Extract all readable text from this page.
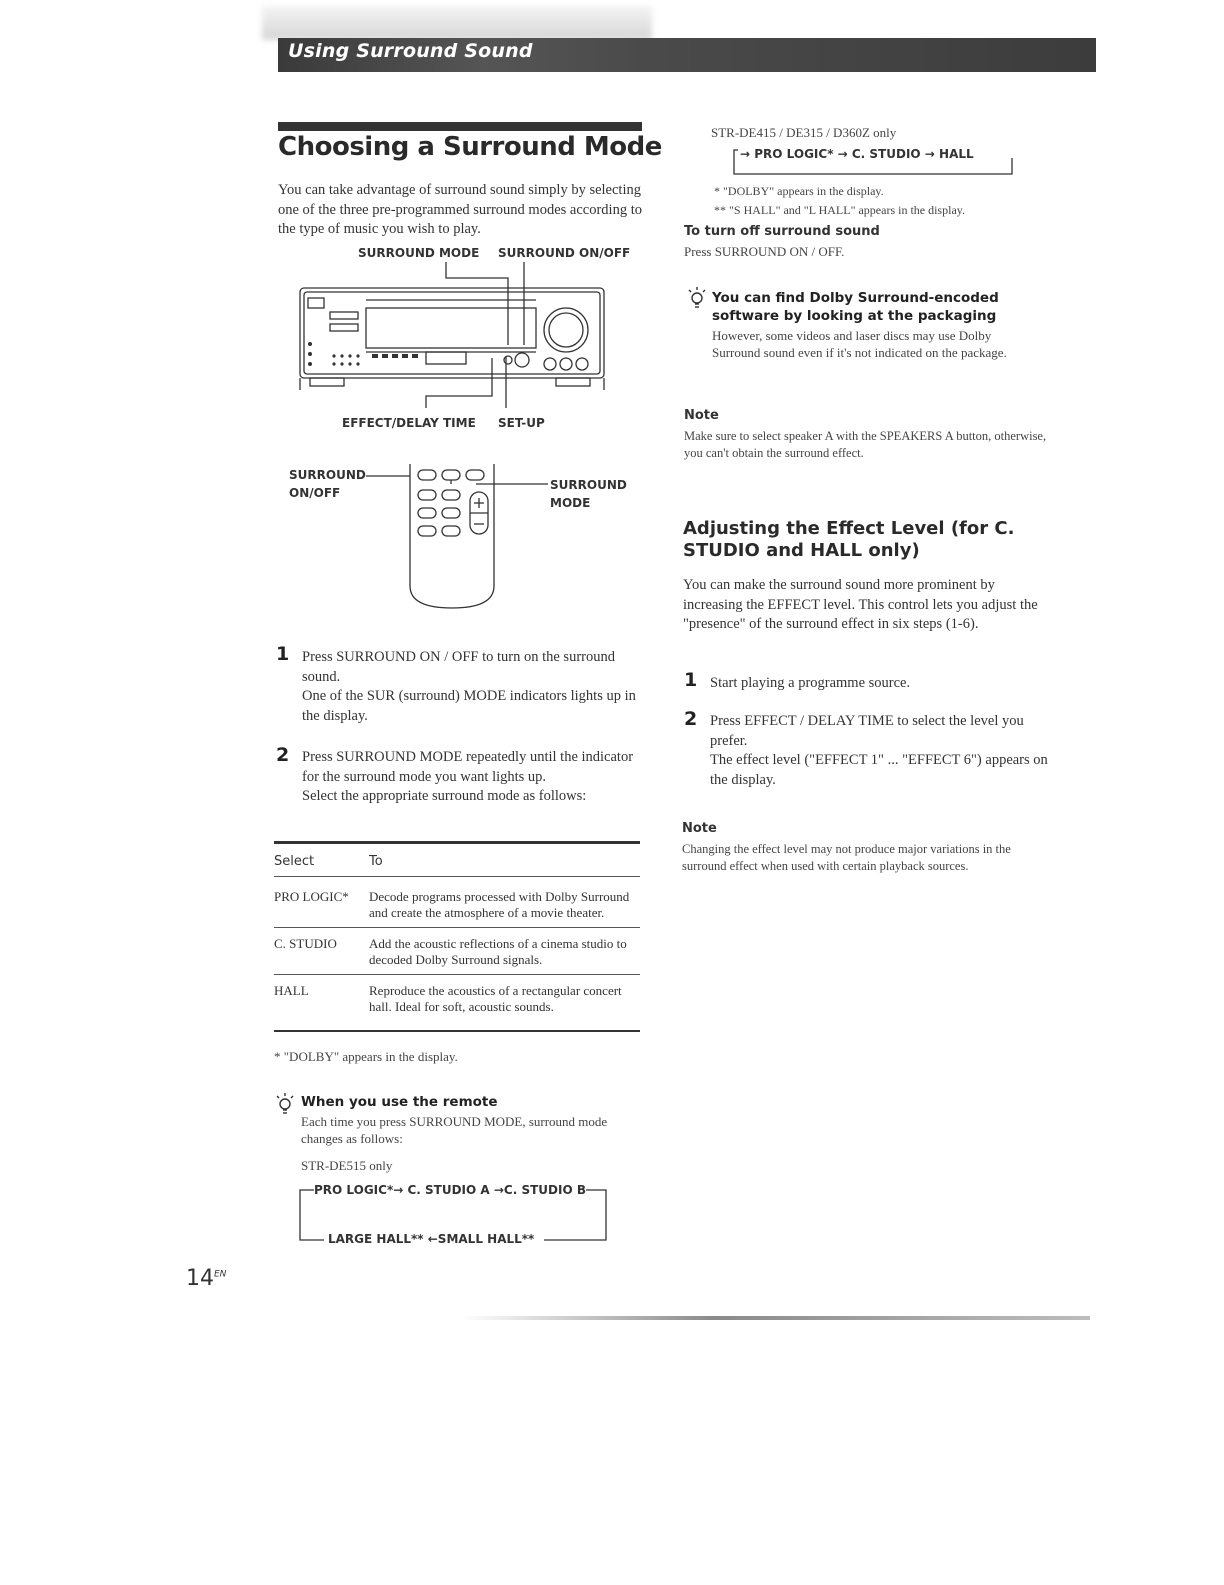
Using Surround Sound
Choosing a Surround Mode
You can take advantage of surround sound simply by selecting one of the three pre-programmed surround modes according to the type of music you wish to play.
SURROUND MODE SURROUND ON/OFF
EFFECT/DELAY TIME SET-UP
SURROUND
ON/OFF
SURROUND
MODE
1 Press SURROUND ON / OFF to turn on the surround sound.
One of the SUR (surround) MODE indicators lights up in the display.
2 Press SURROUND MODE repeatedly until the indicator for the surround mode you want lights up.
Select the appropriate surround mode as follows:
Select	To
PRO LOGIC*	Decode programs processed with Dolby Surround and create the atmosphere of a movie theater.
C. STUDIO	Add the acoustic reflections of a cinema studio to decoded Dolby Surround signals.
HALL	Reproduce the acoustics of a rectangular concert hall. Ideal for soft, acoustic sounds.
* "DOLBY" appears in the display.
When you use the remote
Each time you press SURROUND MODE, surround mode changes as follows:
STR-DE515 only
PRO LOGIC*→ C. STUDIO A →C. STUDIO B
LARGE HALL** ←SMALL HALL**
STR-DE415 / DE315 / D360Z only
→ PRO LOGIC* → C. STUDIO → HALL
* "DOLBY" appears in the display.
** "S HALL" and "L HALL" appears in the display.
To turn off surround sound
Press SURROUND ON / OFF.
You can find Dolby Surround-encoded software by looking at the packaging
However, some videos and laser discs may use Dolby Surround sound even if it's not indicated on the package.
Note
Make sure to select speaker A with the SPEAKERS A button, otherwise, you can't obtain the surround effect.
Adjusting the Effect Level (for C. STUDIO and HALL only)
You can make the surround sound more prominent by increasing the EFFECT level. This control lets you adjust the "presence" of the surround effect in six steps (1-6).
1 Start playing a programme source.
2 Press EFFECT / DELAY TIME to select the level you prefer.
The effect level ("EFFECT 1" ... "EFFECT 6") appears on the display.
Note
Changing the effect level may not produce major variations in the surround effect when used with certain playback sources.
$14^{EN}$
